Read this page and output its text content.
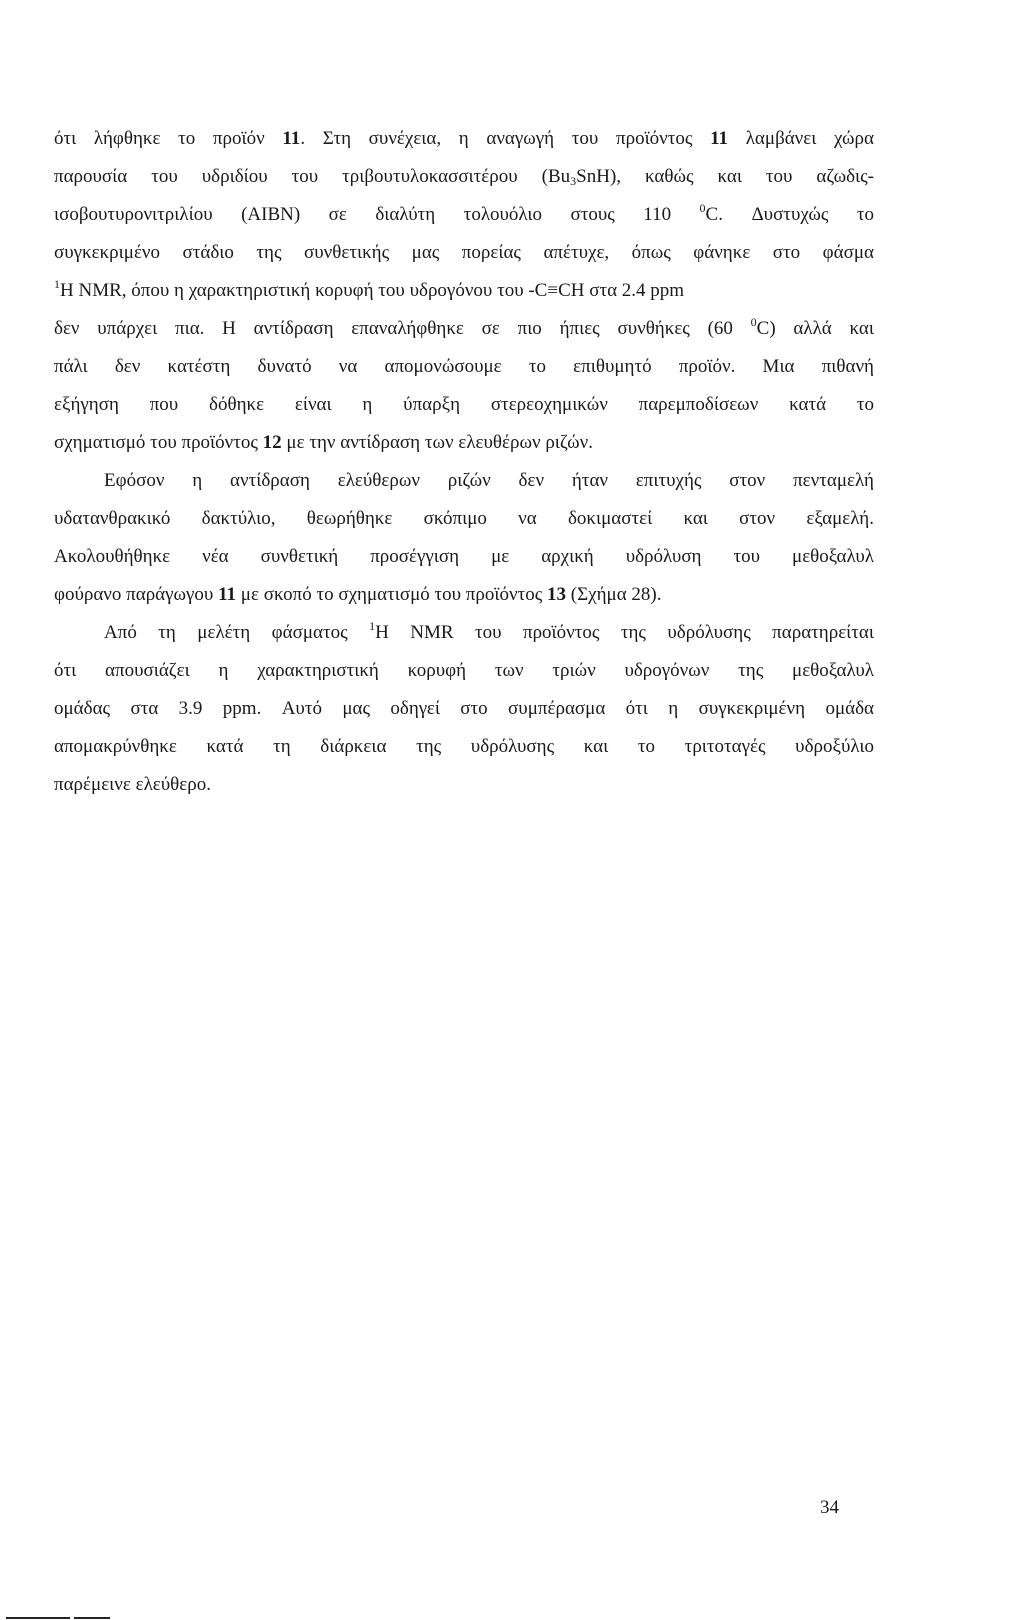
ότι λήφθηκε το προϊόν 11. Στη συνέχεια, η αναγωγή του προϊόντος 11 λαμβάνει χώρα
παρουσία του υδριδίου του τριβουτυλοκασσιτέρου $(Bu_3SnH)$, καθώς και του αζωδις-
ισοβουτυρονιτριλίου (AIBN) σε διαλύτη τολουόλιο στους 110 $^0$C. Δυστυχώς το
συγκεκριμένο στάδιο της συνθετικής μας πορείας απέτυχε, όπως φάνηκε στο φάσμα
$^1$H NMR, όπου η χαρακτηριστική κορυφή του υδρογόνου του -C≡CH στα 2.4 ppm
δεν υπάρχει πια. Η αντίδραση επαναλήφθηκε σε πιο ήπιες συνθήκες (60 $^0$C) αλλά και
πάλι δεν κατέστη δυνατό να απομονώσουμε το επιθυμητό προϊόν. Μια πιθανή
εξήγηση που δόθηκε είναι η ύπαρξη στερεοχημικών παρεμποδίσεων κατά το
σχηματισμό του προϊόντος 12 με την αντίδραση των ελευθέρων ριζών.
Εφόσον η αντίδραση ελεύθερων ριζών δεν ήταν επιτυχής στον πενταμελή
υδατανθρακικό δακτύλιο, θεωρήθηκε σκόπιμο να δοκιμαστεί και στον εξαμελή.
Ακολουθήθηκε νέα συνθετική προσέγγιση με αρχική υδρόλυση του μεθοξαλυλ
φούρανο παράγωγου 11 με σκοπό το σχηματισμό του προϊόντος 13 (Σχήμα 28).
Από τη μελέτη φάσματος $^1$H NMR του προϊόντος της υδρόλυσης παρατηρείται
ότι απουσιάζει η χαρακτηριστική κορυφή των τριών υδρογόνων της μεθοξαλυλ
ομάδας στα 3.9 ppm. Αυτό μας οδηγεί στο συμπέρασμα ότι η συγκεκριμένη ομάδα
απομακρύνθηκε κατά τη διάρκεια της υδρόλυσης και το τριτοταγές υδροξύλιο
παρέμεινε ελεύθερο.
34
